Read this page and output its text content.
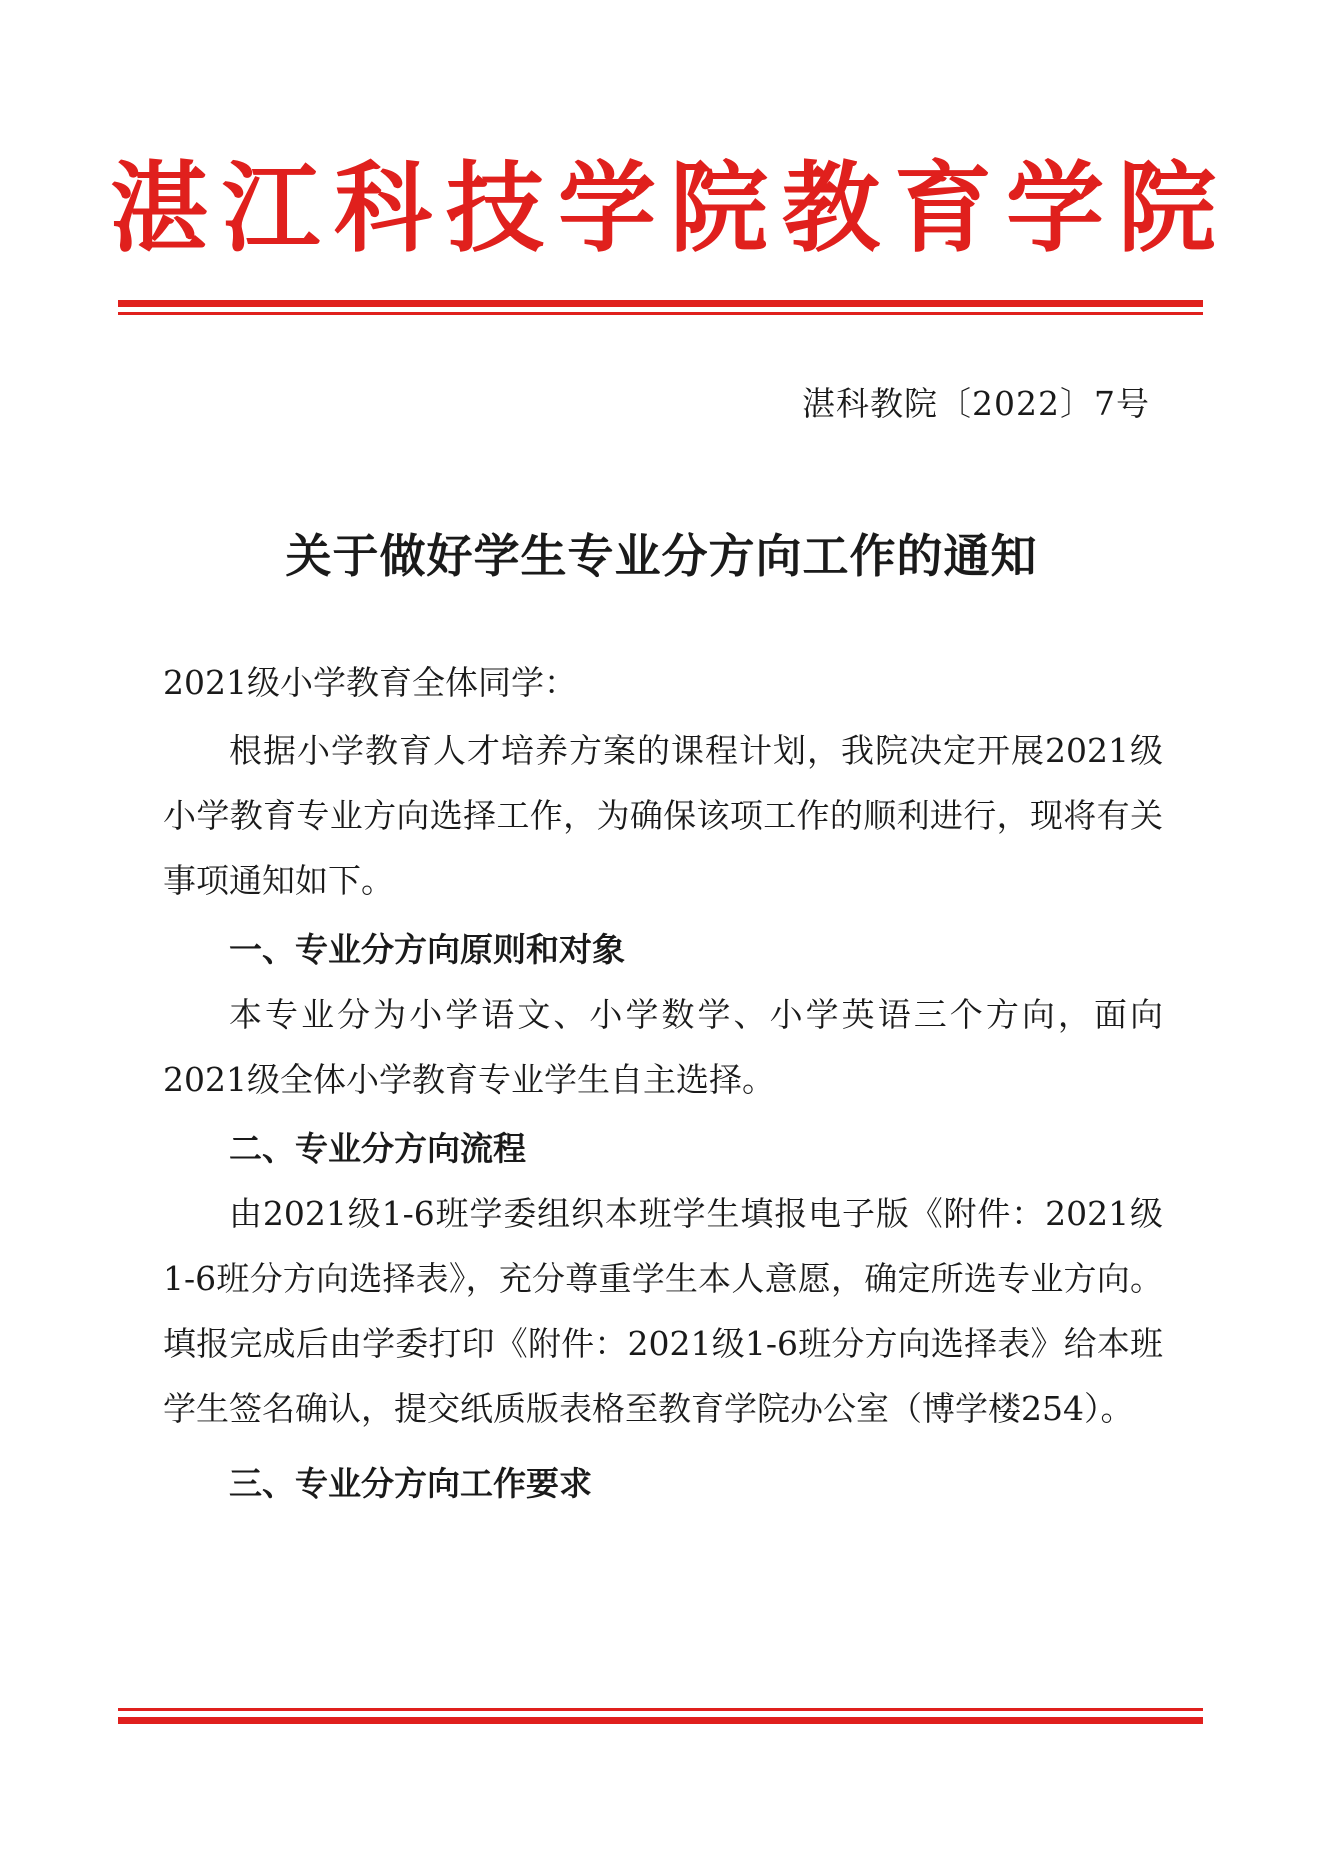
湛江科技学院教育学院
湛科教院〔2022〕7号
关于做好学生专业分方向工作的通知

2021级小学教育全体同学：

根据小学教育人才培养方案的课程计划，我院决定开展2021级小学教育专业方向选择工作，为确保该项工作的顺利进行，现将有关事项通知如下。

一、专业分方向原则和对象

本专业分为小学语文、小学数学、小学英语三个方向，面向2021级全体小学教育专业学生自主选择。

二、专业分方向流程

由2021级1-6班学委组织本班学生填报电子版《附件：2021级1-6班分方向选择表》，充分尊重学生本人意愿，确定所选专业方向。填报完成后由学委打印《附件：2021级1-6班分方向选择表》给本班学生签名确认，提交纸质版表格至教育学院办公室（博学楼254）。

三、专业分方向工作要求
